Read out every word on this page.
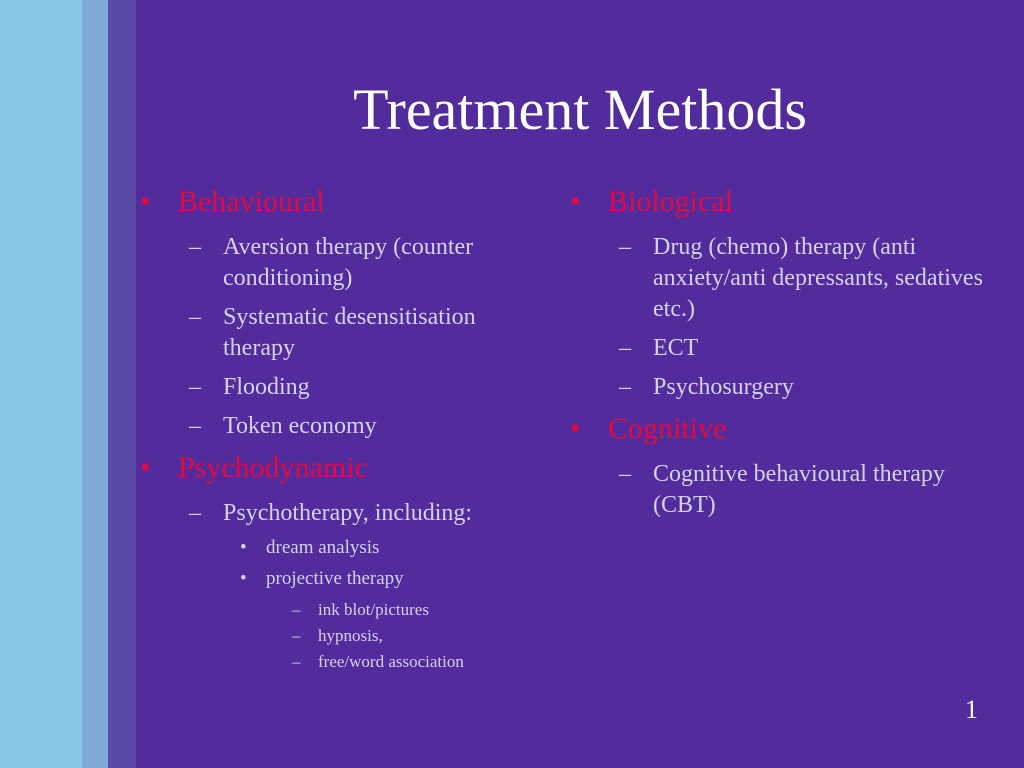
Treatment Methods
• Behavioural
– Aversion therapy (counter conditioning)
– Systematic desensitisation therapy
– Flooding
– Token economy
• Psychodynamic
– Psychotherapy, including:
• dream analysis
• projective therapy
– ink blot/pictures
– hypnosis,
– free/word association
• Biological
– Drug (chemo) therapy (anti anxiety/anti depressants, sedatives etc.)
– ECT
– Psychosurgery
• Cognitive
– Cognitive behavioural therapy (CBT)
1
